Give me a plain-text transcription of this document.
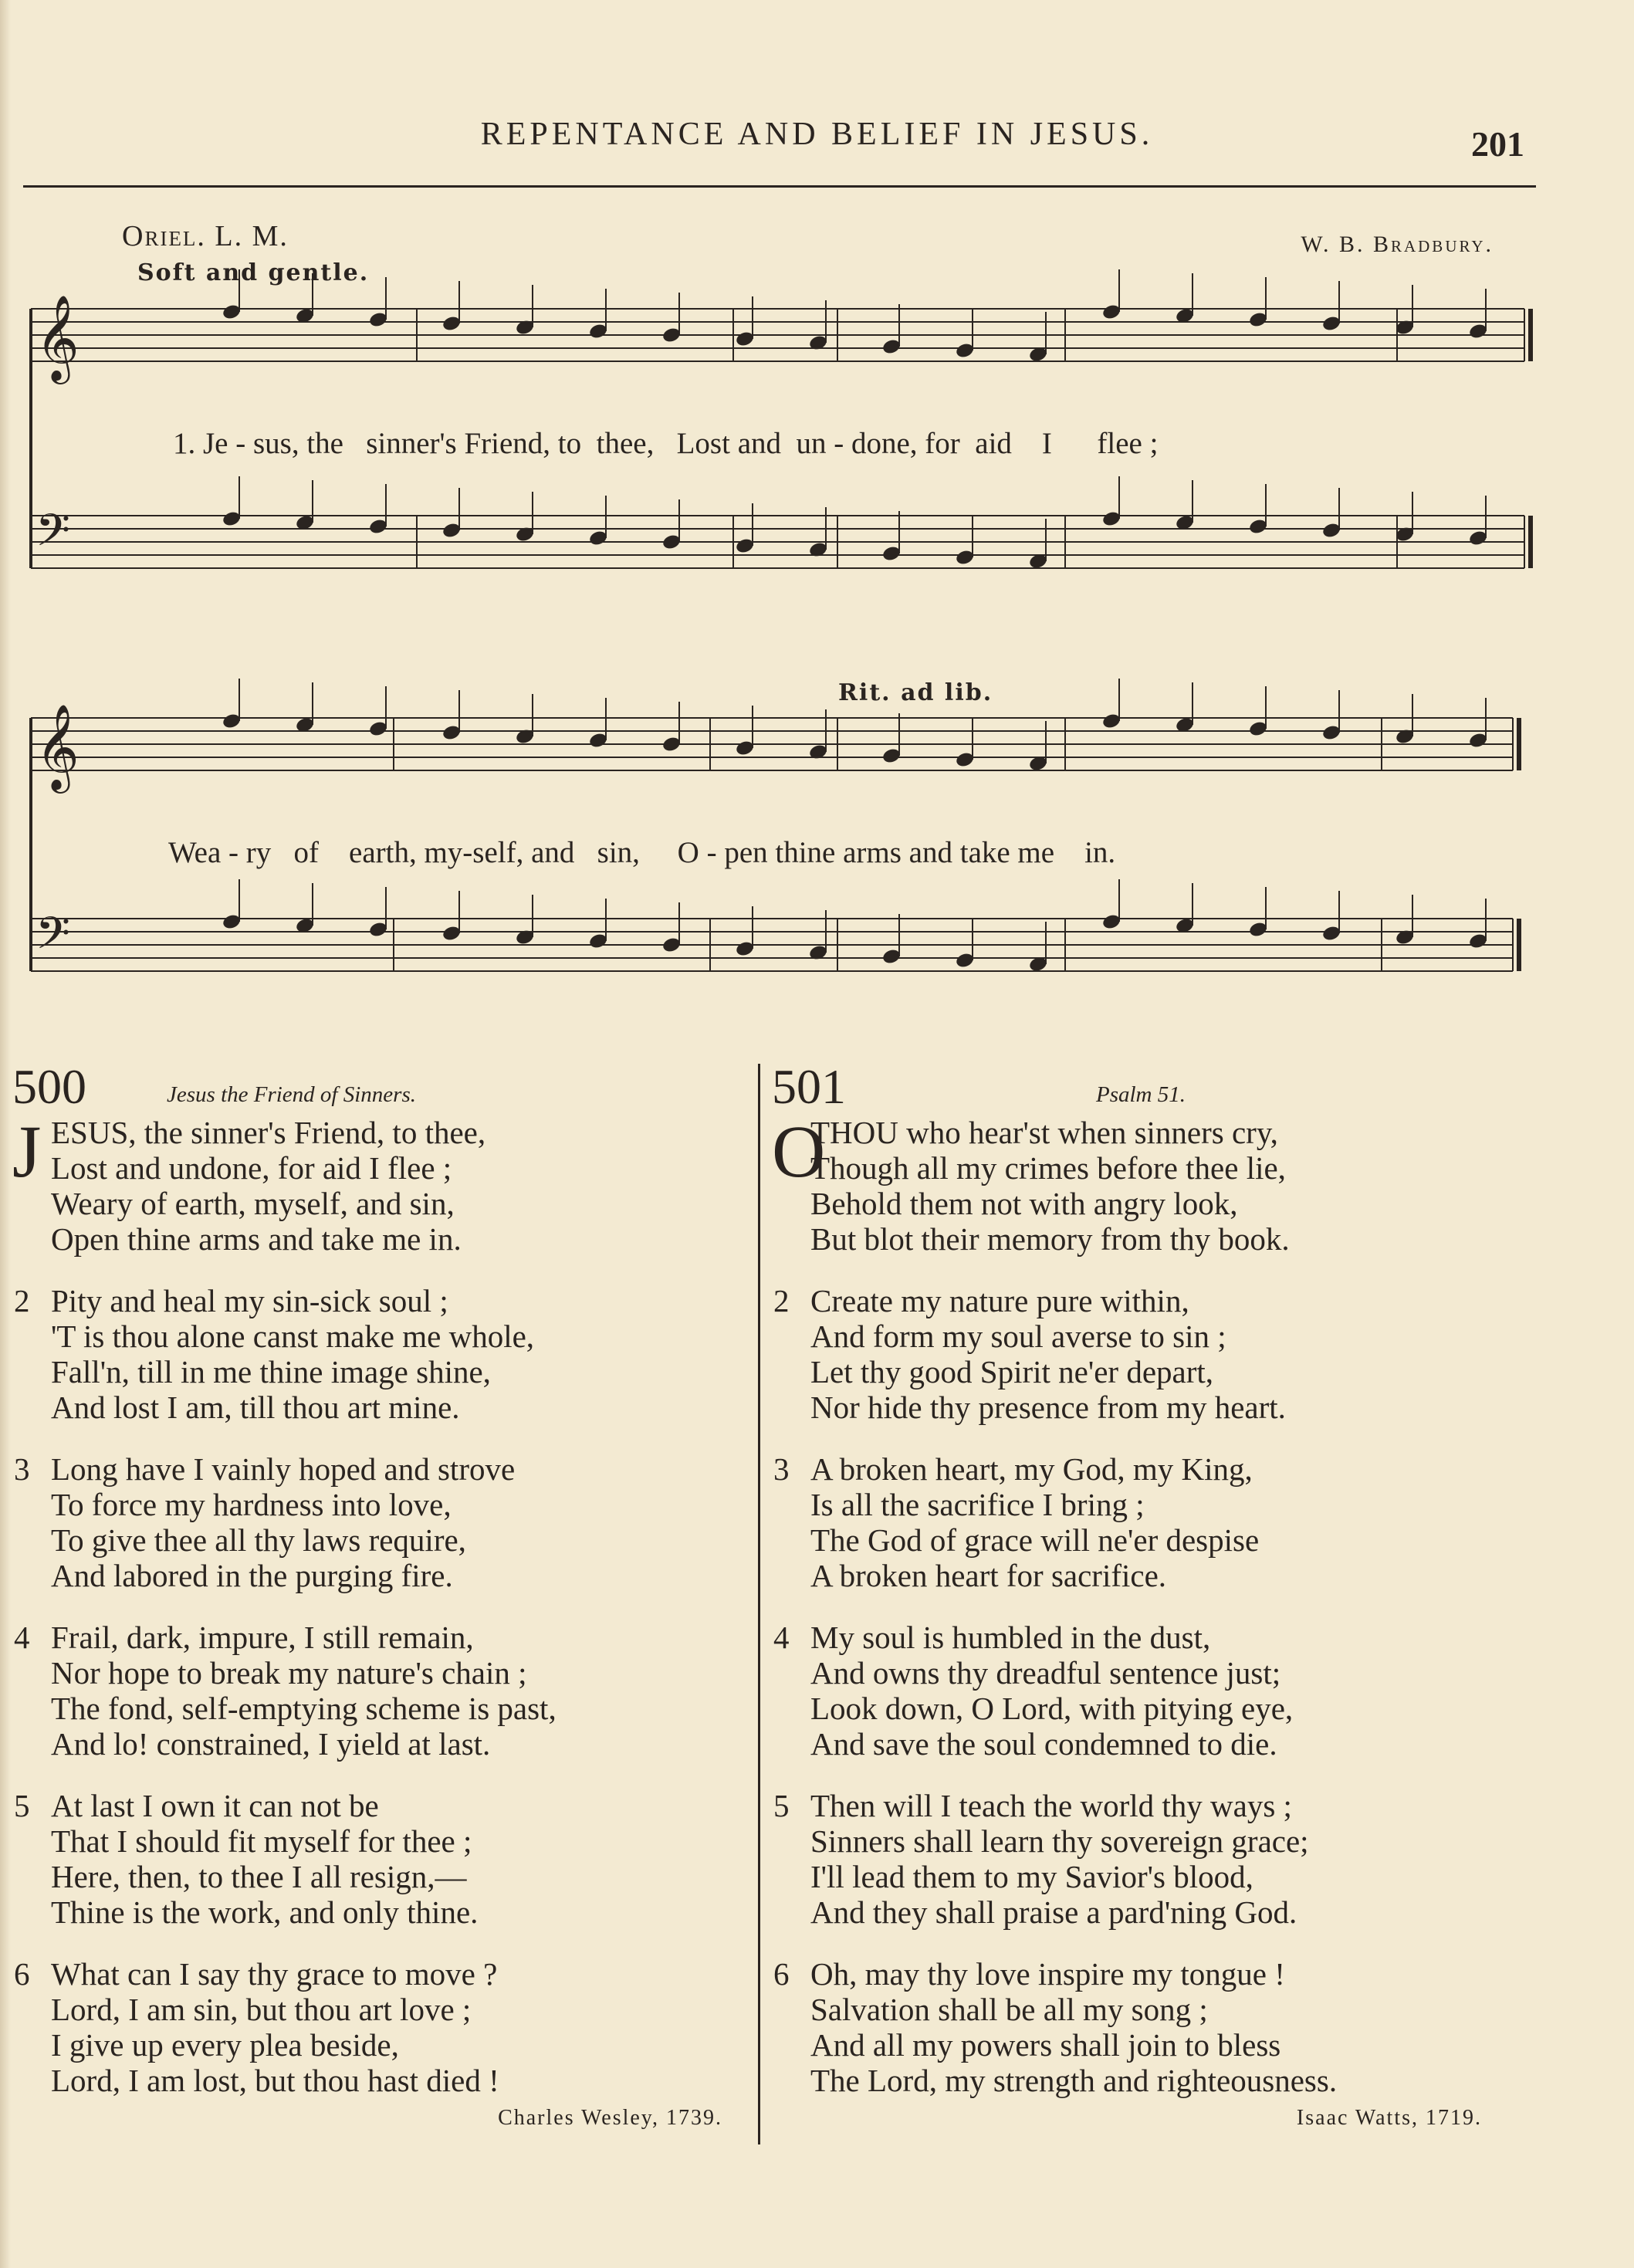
REPENTANCE AND BELIEF IN JESUS.	201
Oriel. L. M.	W. B. Bradbury.
Soft and gentle.
Rit. ad lib.
𝄞
𝄢
𝄞
𝄢
1. Je - sus, the   sinner's Friend, to  thee,   Lost and  un - done, for  aid    I      flee ;
Wea - ry   of    earth, my-self, and   sin,     O - pen thine arms and take me    in.
500	Jesus the Friend of Sinners.
J ESUS, the sinner's Friend, to thee,
Lost and undone, for aid I flee ;
Weary of earth, myself, and sin,
Open thine arms and take me in.
2 Pity and heal my sin-sick soul ;
'T is thou alone canst make me whole,
Fall'n, till in me thine image shine,
And lost I am, till thou art mine.
3 Long have I vainly hoped and strove
To force my hardness into love,
To give thee all thy laws require,
And labored in the purging fire.
4 Frail, dark, impure, I still remain,
Nor hope to break my nature's chain ;
The fond, self-emptying scheme is past,
And lo! constrained, I yield at last.
5 At last I own it can not be
That I should fit myself for thee ;
Here, then, to thee I all resign,—
Thine is the work, and only thine.
6 What can I say thy grace to move ?
Lord, I am sin, but thou art love ;
I give up every plea beside,
Lord, I am lost, but thou hast died !
Charles Wesley, 1739.
501	Psalm 51.
O
THOU who hear'st when sinners cry,
Though all my crimes before thee lie,
Behold them not with angry look,
But blot their memory from thy book.
2 Create my nature pure within,
And form my soul averse to sin ;
Let thy good Spirit ne'er depart,
Nor hide thy presence from my heart.
3 A broken heart, my God, my King,
Is all the sacrifice I bring ;
The God of grace will ne'er despise
A broken heart for sacrifice.
4 My soul is humbled in the dust,
And owns thy dreadful sentence just;
Look down, O Lord, with pitying eye,
And save the soul condemned to die.
5 Then will I teach the world thy ways ;
Sinners shall learn thy sovereign grace;
I'll lead them to my Savior's blood,
And they shall praise a pard'ning God.
6 Oh, may thy love inspire my tongue !
Salvation shall be all my song ;
And all my powers shall join to bless
The Lord, my strength and righteousness.
Isaac Watts, 1719.
